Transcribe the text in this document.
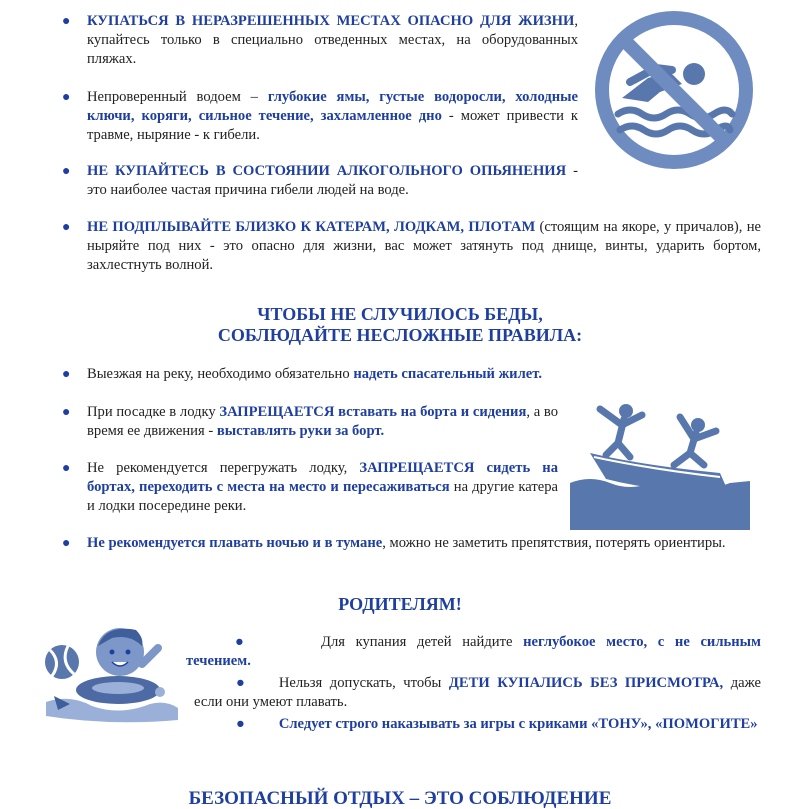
● КУПАТЬСЯ В НЕРАЗРЕШЕННЫХ МЕСТАХ ОПАСНО ДЛЯ ЖИЗНИ, купайтесь только в специально отведенных местах, на оборудованных пляжах.
● Непроверенный водоем – глубокие ямы, густые водоросли, холодные ключи, коряги, сильное течение, захламленное дно - может привести к травме, ныряние - к гибели.
● НЕ КУПАЙТЕСЬ В СОСТОЯНИИ АЛКОГОЛЬНОГО ОПЬЯНЕНИЯ - это наиболее частая причина гибели людей на воде.
● НЕ ПОДПЛЫВАЙТЕ БЛИЗКО К КАТЕРАМ, ЛОДКАМ, ПЛОТАМ (стоящим на якоре, у причалов), не ныряйте под них - это опасно для жизни, вас может затянуть под днище, винты, ударить бортом, захлестнуть волной.
ЧТОБЫ НЕ СЛУЧИЛОСЬ БЕДЫ,
СОБЛЮДАЙТЕ НЕСЛОЖНЫЕ ПРАВИЛА:
● Выезжая на реку, необходимо обязательно надеть спасательный жилет.
● При посадке в лодку ЗАПРЕЩАЕТСЯ вставать на борта и сидения, а во время ее движения - выставлять руки за борт.
● Не рекомендуется перегружать лодку, ЗАПРЕЩАЕТСЯ сидеть на бортах, переходить с места на место и пересаживаться на другие катера и лодки посередине реки.
● Не рекомендуется плавать ночью и в тумане, можно не заметить препятствия, потерять ориентиры.
РОДИТЕЛЯМ!
●	Для купания детей найдите неглубокое место, с не сильным течением.
● Нельзя допускать, чтобы ДЕТИ КУПАЛИСЬ БЕЗ ПРИСМОТРА, даже если они умеют плавать.
● Следует строго наказывать за игры с криками «ТОНУ», «ПОМОГИТЕ»
БЕЗОПАСНЫЙ ОТДЫХ – ЭТО СОБЛЮДЕНИЕ
